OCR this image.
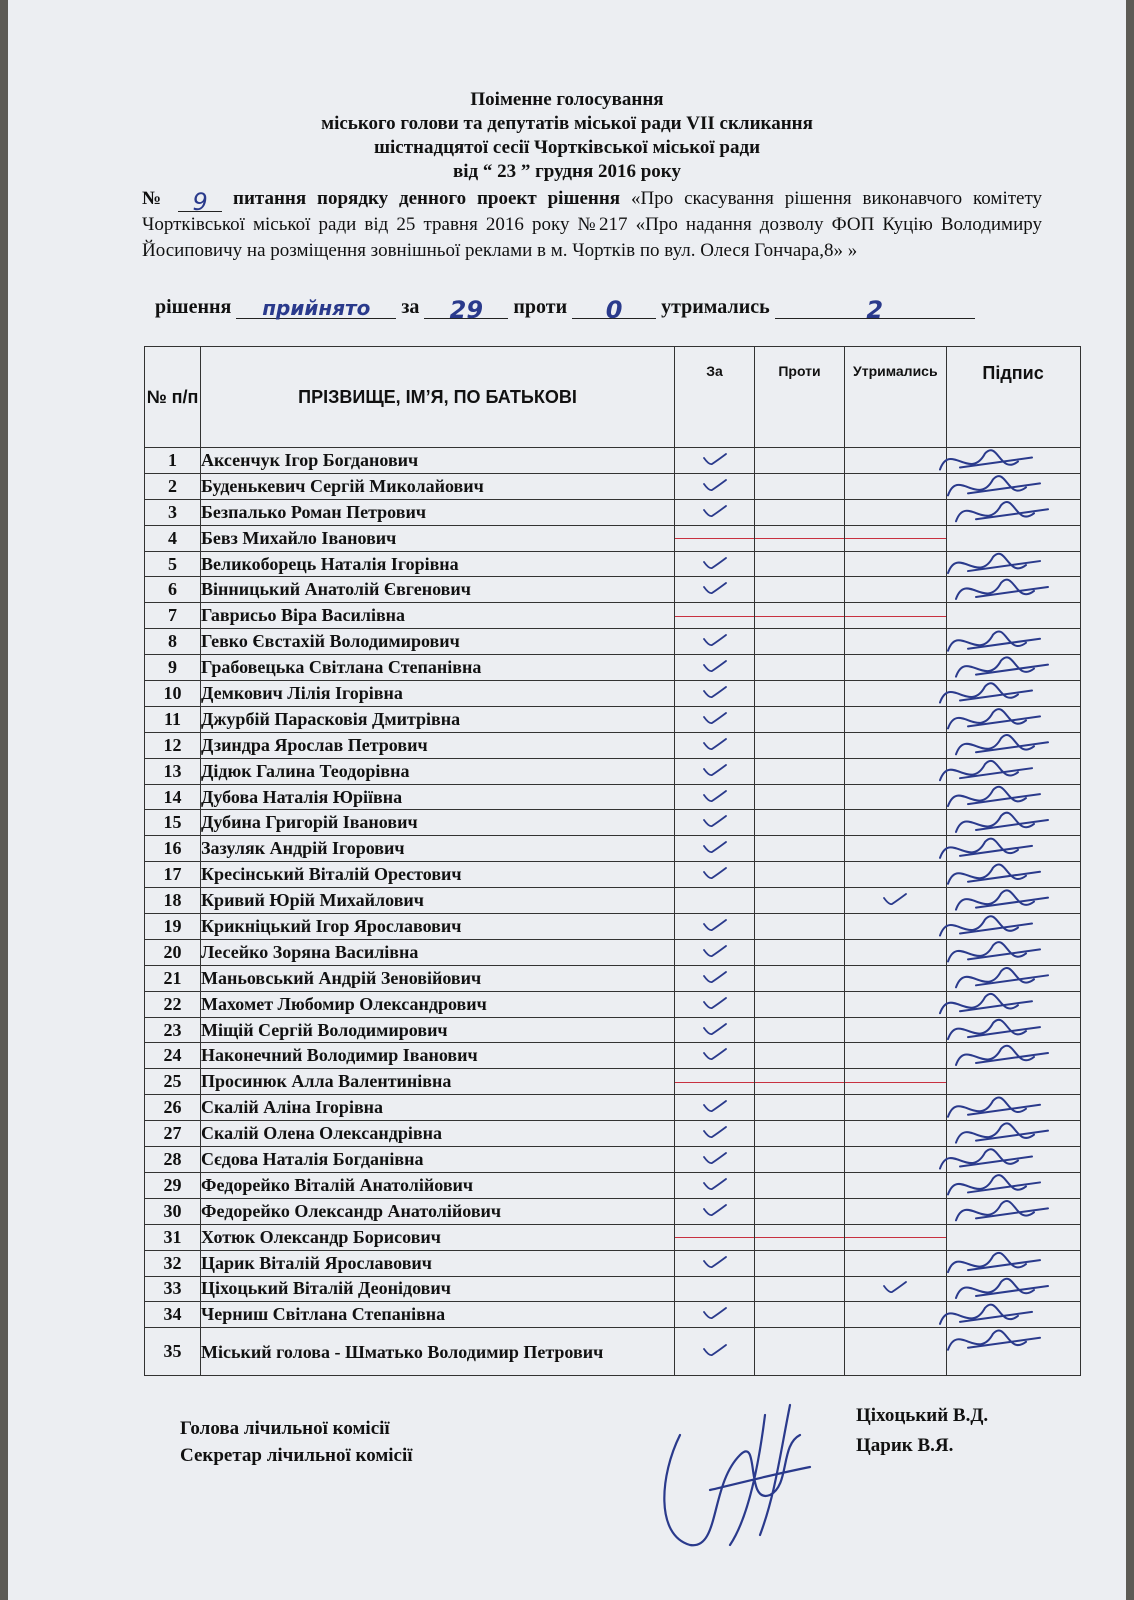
Поіменне голосування
міського голови та депутатів міської ради VII скликання
шістнадцятої сесії Чортківської міської ради
від “ 23 ” грудня 2016 року
№ 9 питання порядку денного проект рішення «Про скасування рішення виконавчого комітету Чортківської міської ради від 25 травня 2016 року №217 «Про надання дозволу ФОП Куцію Володимиру Йосиповичу на розміщення зовнішньої реклами в м. Чортків по вул. Олеся Гончара,8» »
рішення прийнято за 29 проти 0 утримались	2
№ п/п	ПРІЗВИЩЕ, ІМ’Я, ПО БАТЬКОВІ	За	Проти	Утримались	Підпис
1	Аксенчук Ігор Богданович				
2	Буденькевич Сергій Миколайович				
3	Безпалько Роман Петрович				
4	Бевз Михайло Іванович	

5	Великоборець Наталія Ігорівна				
6	Вінницький Анатолій Євгенович				
7	Гаврисьо Віра Василівна	

8	Гевко Євстахій Володимирович				
9	Грабовецька Світлана Степанівна				
10	Демкович Лілія Ігорівна				
11	Джурбій Парасковія Дмитрівна				
12	Дзиндра Ярослав Петрович				
13	Дідюк Галина Теодорівна				
14	Дубова Наталія Юріївна				
15	Дубина Григорій Іванович				
16	Зазуляк Андрій Ігорович				
17	Кресінський Віталій Орестович				
18	Кривий Юрій Михайлович				
19	Крикніцький Ігор Ярославович				
20	Лесейко Зоряна Василівна				
21	Маньовський Андрій Зеновійович				
22	Махомет Любомир Олександрович				
23	Міщій Сергій Володимирович				
24	Наконечний Володимир Іванович				
25	Просинюк Алла Валентинівна	

26	Скалій Аліна Ігорівна				
27	Скалій Олена Олександрівна				
28	Сєдова Наталія Богданівна				
29	Федорейко Віталій Анатолійович				
30	Федорейко Олександр Анатолійович				
31	Хотюк Олександр Борисович	

32	Царик Віталій Ярославович				
33	Ціхоцький Віталій Деонідович				
34	Черниш Світлана Степанівна				
35	Міський голова - Шматько Володимир Петрович				
Голова лічильної комісії
Секретар лічильної комісії
Ціхоцький В.Д.
Царик В.Я.
